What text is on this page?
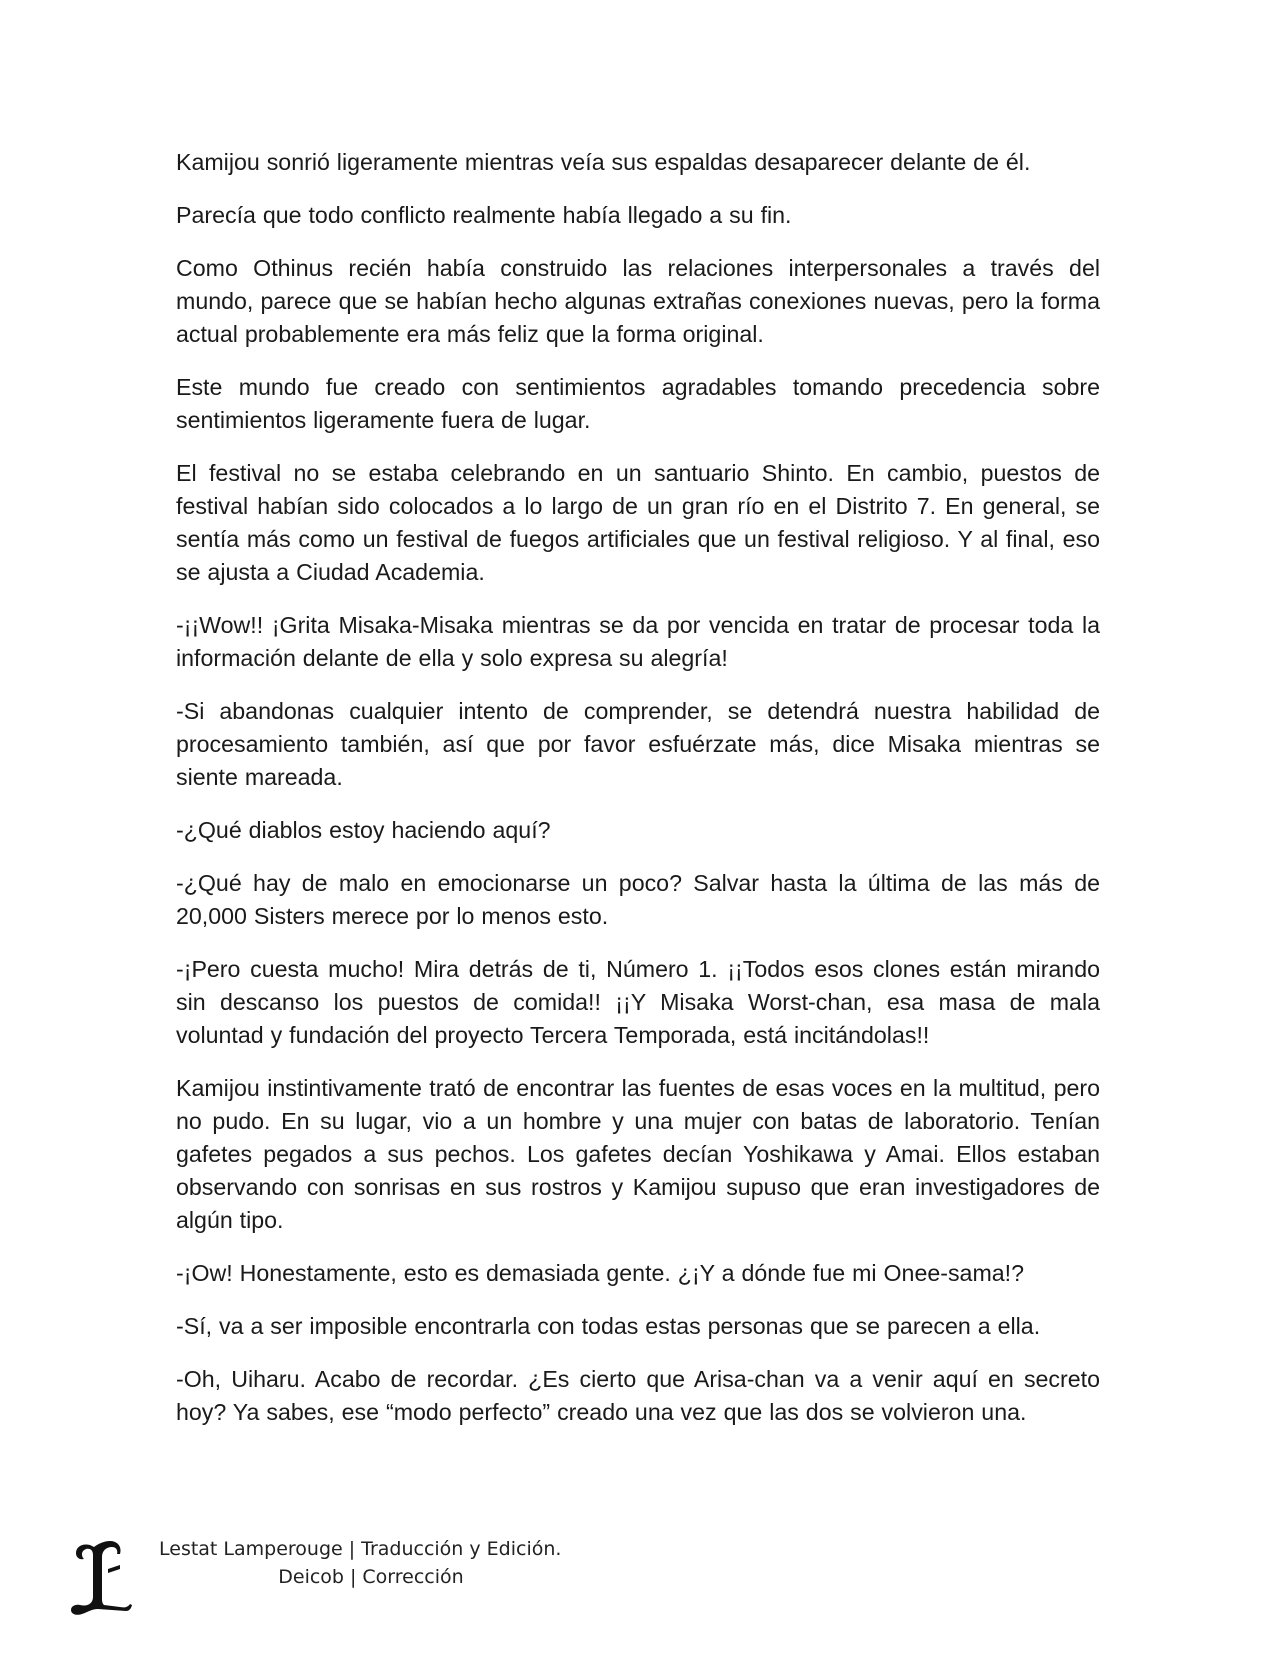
Kamijou sonrió ligeramente mientras veía sus espaldas desaparecer delante de él.

Parecía que todo conflicto realmente había llegado a su fin.

Como Othinus recién había construido las relaciones interpersonales a través del mundo, parece que se habían hecho algunas extrañas conexiones nuevas, pero la forma actual probablemente era más feliz que la forma original.

Este mundo fue creado con sentimientos agradables tomando precedencia sobre sentimientos ligeramente fuera de lugar.

El festival no se estaba celebrando en un santuario Shinto. En cambio, puestos de festival habían sido colocados a lo largo de un gran río en el Distrito 7. En general, se sentía más como un festival de fuegos artificiales que un festival religioso. Y al final, eso se ajusta a Ciudad Academia.

-¡¡Wow!! ¡Grita Misaka-Misaka mientras se da por vencida en tratar de procesar toda la información delante de ella y solo expresa su alegría!

-Si abandonas cualquier intento de comprender, se detendrá nuestra habilidad de procesamiento también, así que por favor esfuérzate más, dice Misaka mientras se siente mareada.

-¿Qué diablos estoy haciendo aquí?

-¿Qué hay de malo en emocionarse un poco? Salvar hasta la última de las más de 20,000 Sisters merece por lo menos esto.

-¡Pero cuesta mucho! Mira detrás de ti, Número 1. ¡¡Todos esos clones están mirando sin descanso los puestos de comida!! ¡¡Y Misaka Worst-chan, esa masa de mala voluntad y fundación del proyecto Tercera Temporada, está incitándolas!!

Kamijou instintivamente trató de encontrar las fuentes de esas voces en la multitud, pero no pudo. En su lugar, vio a un hombre y una mujer con batas de laboratorio. Tenían gafetes pegados a sus pechos. Los gafetes decían Yoshikawa y Amai. Ellos estaban observando con sonrisas en sus rostros y Kamijou supuso que eran investigadores de algún tipo.

-¡Ow! Honestamente, esto es demasiada gente. ¿¡Y a dónde fue mi Onee-sama!?

-Sí, va a ser imposible encontrarla con todas estas personas que se parecen a ella.

-Oh, Uiharu. Acabo de recordar. ¿Es cierto que Arisa-chan va a venir aquí en secreto hoy? Ya sabes, ese “modo perfecto” creado una vez que las dos se volvieron una.

Lestat Lamperouge | Traducción y Edición.
Deicob | Corrección
